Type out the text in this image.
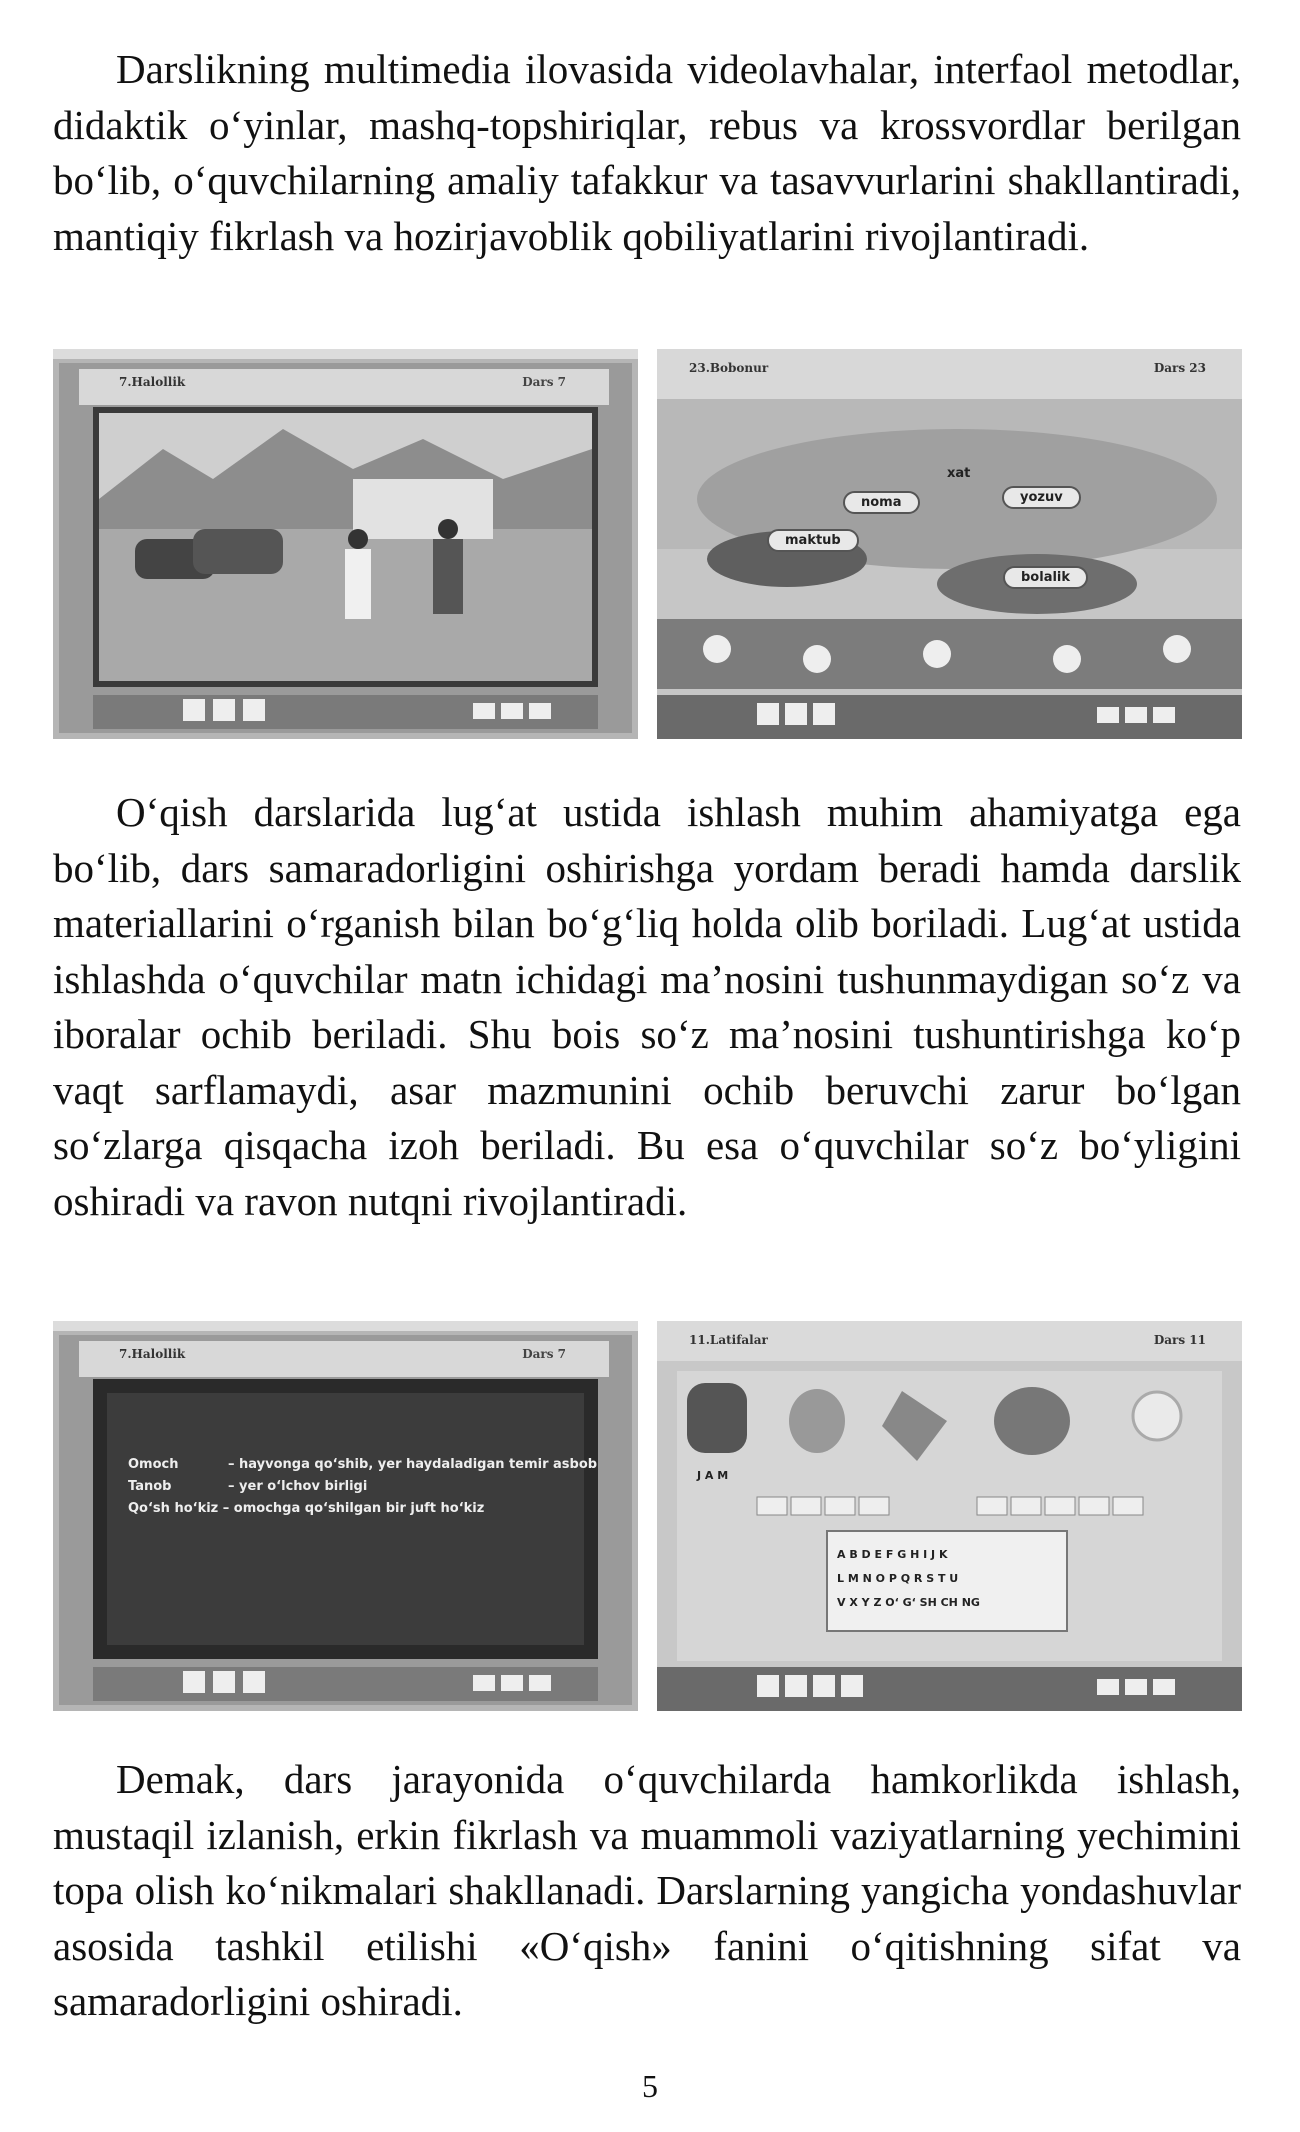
Darslikning multimedia ilovasida videolavhalar, interfaol metodlar, didaktik o‘yinlar, mashq-topshiriqlar, rebus va krossvordlar berilgan bo‘lib, o‘quvchilarning amaliy tafakkur va tasavvurlarini shakllantiradi, mantiqiy fikrlash va hozirjavoblik qobiliyatlarini rivojlantiradi.

7.Halollik	Dars 7
23.Bobonur	Dars 23
xat
noma	yozuv
maktub
bolalik

O‘qish darslarida lug‘at ustida ishlash muhim ahamiyatga ega bo‘lib, dars samaradorligini oshirishga yordam beradi hamda darslik materiallarini o‘rganish bilan bo‘g‘liq holda olib boriladi. Lug‘at ustida ishlashda o‘quvchilar matn ichidagi ma’nosini tushunmaydigan so‘z va iboralar ochib beriladi. Shu bois so‘z ma’nosini tushuntirishga ko‘p vaqt sarflamaydi, asar mazmunini ochib beruvchi zarur bo‘lgan so‘zlarga qisqacha izoh beriladi. Bu esa o‘quvchilar so‘z bo‘yligini oshiradi va ravon nutqni rivojlantiradi.

7.Halollik	Dars 7
Omoch	– hayvonga qo‘shib, yer haydaladigan temir asbob
Tanob	– yer o‘lchov birligi
Qo‘sh ho‘kiz – omochga qo‘shilgan bir juft ho‘kiz
11.Latifalar	Dars 11
J A M
A B D E F G H I J K
L M N O P Q R S T U
V X Y Z O‘ G‘ SH CH NG

Demak, dars jarayonida o‘quvchilarda hamkorlikda ishlash, mustaqil izlanish, erkin fikrlash va muammoli vaziyatlarning yechimini topa olish ko‘nikmalari shakllanadi. Darslarning yangicha yondashuvlar asosida tashkil etilishi «O‘qish» fanini o‘qitishning sifat va samaradorligini oshiradi.

5
